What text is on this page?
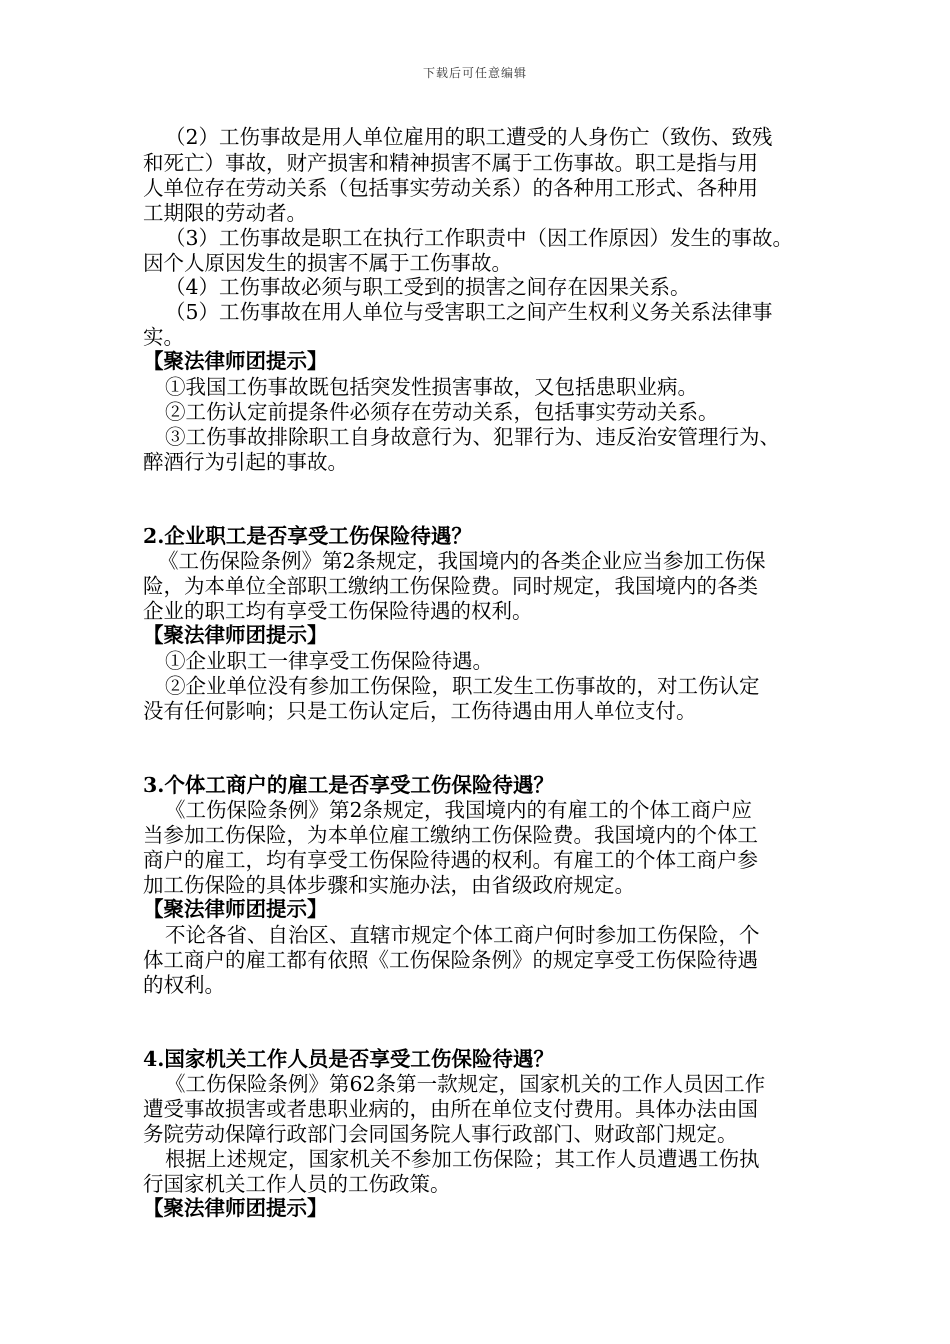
下载后可任意编辑
（2）工伤事故是用人单位雇用的职工遭受的人身伤亡（致伤、致残
和死亡）事故，财产损害和精神损害不属于工伤事故。职工是指与用
人单位存在劳动关系（包括事实劳动关系）的各种用工形式、各种用
工期限的劳动者。
（3）工伤事故是职工在执行工作职责中（因工作原因）发生的事故。
因个人原因发生的损害不属于工伤事故。
（4）工伤事故必须与职工受到的损害之间存在因果关系。
（5）工伤事故在用人单位与受害职工之间产生权利义务关系法律事
实。
【聚法律师团提示】
①我国工伤事故既包括突发性损害事故，又包括患职业病。
②工伤认定前提条件必须存在劳动关系，包括事实劳动关系。
③工伤事故排除职工自身故意行为、犯罪行为、违反治安管理行为、
醉酒行为引起的事故。
2.企业职工是否享受工伤保险待遇？
《工伤保险条例》第2条规定，我国境内的各类企业应当参加工伤保
险，为本单位全部职工缴纳工伤保险费。同时规定，我国境内的各类
企业的职工均有享受工伤保险待遇的权利。
【聚法律师团提示】
①企业职工一律享受工伤保险待遇。
②企业单位没有参加工伤保险，职工发生工伤事故的，对工伤认定
没有任何影响；只是工伤认定后，工伤待遇由用人单位支付。
3.个体工商户的雇工是否享受工伤保险待遇？
《工伤保险条例》第2条规定，我国境内的有雇工的个体工商户应
当参加工伤保险，为本单位雇工缴纳工伤保险费。我国境内的个体工
商户的雇工，均有享受工伤保险待遇的权利。有雇工的个体工商户参
加工伤保险的具体步骤和实施办法，由省级政府规定。
【聚法律师团提示】
不论各省、自治区、直辖市规定个体工商户何时参加工伤保险，个
体工商户的雇工都有依照《工伤保险条例》的规定享受工伤保险待遇
的权利。
4.国家机关工作人员是否享受工伤保险待遇？
《工伤保险条例》第62条第一款规定，国家机关的工作人员因工作
遭受事故损害或者患职业病的，由所在单位支付费用。具体办法由国
务院劳动保障行政部门会同国务院人事行政部门、财政部门规定。
根据上述规定，国家机关不参加工伤保险；其工作人员遭遇工伤执
行国家机关工作人员的工伤政策。
【聚法律师团提示】
